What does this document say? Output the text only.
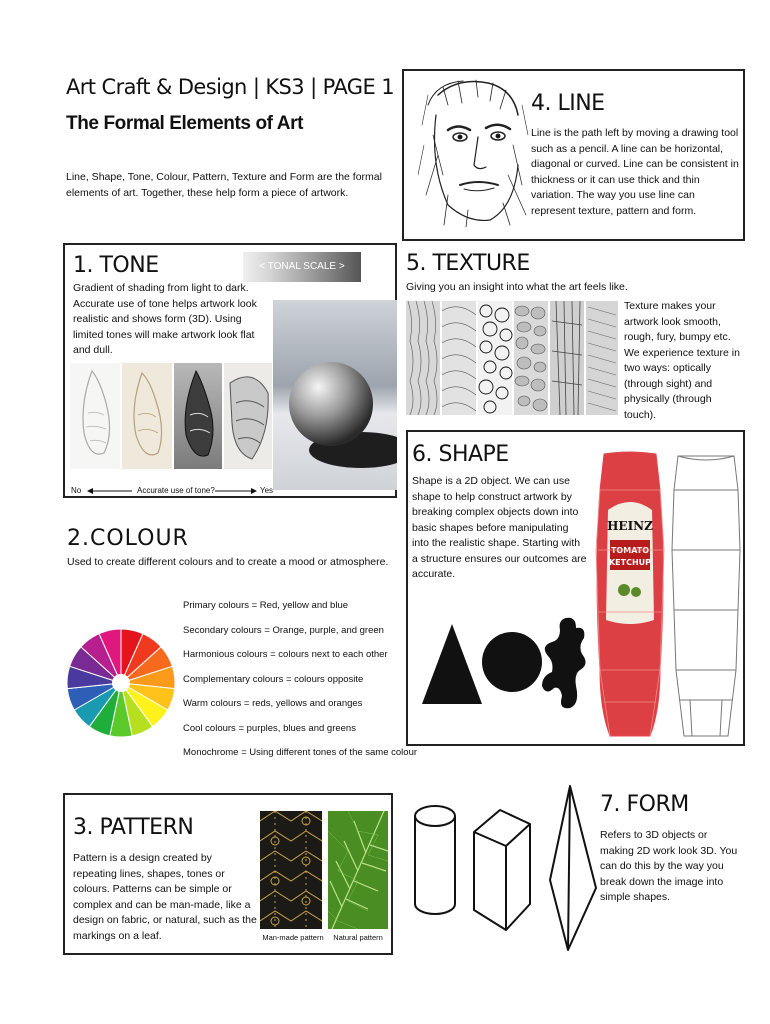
Art Craft & Design | KS3 | PAGE 1
The Formal Elements of Art
Line, Shape, Tone, Colour, Pattern, Texture and Form are the formal elements of art. Together, these help form a piece of artwork.
4. LINE
Line is the path left by moving a drawing tool such as a pencil. A line can be horizontal, diagonal or curved. Line can be consistent in thickness or it can use thick and thin variation. The way you use line can represent texture, pattern and form.
1. TONE	< TONAL SCALE >
Gradient of shading from light to dark. Accurate use of tone helps artwork look realistic and shows form (3D). Using limited tones will make artwork look flat and dull.
No	Accurate use of tone?	Yes
5. TEXTURE
Giving you an insight into what the art feels like.
Texture makes your artwork look smooth, rough, fury, bumpy etc. We experience texture in two ways: optically (through sight) and physically (through touch).
2.COLOUR
Used to create different colours and to create a mood or atmosphere.
Primary colours = Red, yellow and blue
Secondary colours = Orange, purple, and green
Harmonious colours = colours next to each other
Complementary colours = colours opposite
Warm colours = reds, yellows and oranges
Cool colours = purples, blues and greens
Monochrome = Using different tones of the same colour
6. SHAPE
Shape is a 2D object. We can use shape to help construct artwork by breaking complex objects down into basic shapes before manipulating into the realistic shape. Starting with a structure ensures our outcomes are accurate.
HEINZ
TOMATO
KETCHUP
3. PATTERN
Pattern is a design created by repeating lines, shapes, tones or colours. Patterns can be simple or complex and can be man-made, like a design on fabric, or natural, such as the markings on a leaf.	Man-made pattern	Natural pattern
7. FORM
Refers to 3D objects or making 2D work look 3D. You can do this by the way you break down the image into simple shapes.
